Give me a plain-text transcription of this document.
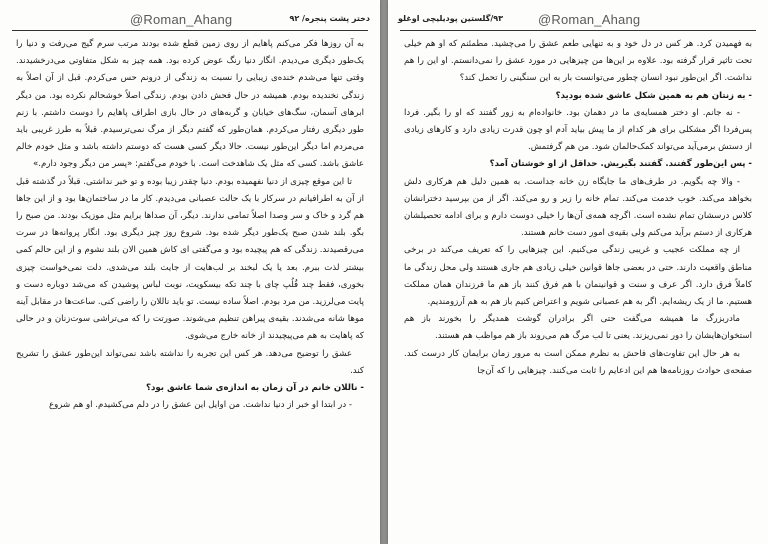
@Roman_Ahang	دختر پشت پنجره/ ۹۲

به آن روزها فکر می‌کنم پاهایم از روی زمین قطع شده بودند مرتب سرم گیج می‌رفت و دنیا را یک‌طور دیگری می‌دیدم. انگار دنیا رنگ عوض کرده بود. همه چیز به شکل متفاوتی می‌درخشیدند. وقتی تنها می‌شدم خنده‌ی زیبایی را نسبت به زندگی از درونم حس می‌کردم. قبل از آن اصلاً به زندگی نخندیده بودم. همیشه در حال فحش دادن بودم. زندگی اصلاً خوشحالم نکرده بود. من دیگر ابرهای آسمان، سگ‌های خیابان و گربه‌های در حال بازی اطراف پاهایم را دوست داشتم. با زنم طور دیگری رفتار می‌کردم. همان‌طور که گفتم دیگر از مرگ نمی‌ترسیدم. قبلاً به طرز غریبی باید می‌مردم اما دیگر این‌طور نیست. حالا دیگر کسی هست که دوستم داشته باشد و مثل خودم خالم عاشق باشد. کسی که مثل یک شاهدخت است. با خودم می‌گفتم: «پسر من دیگر وجود دارم.»

تا این موقع چیزی از دنیا نفهمیده بودم. دنیا چقدر زیبا بوده و تو خبر نداشتی. قبلاً در گذشته قبل از آن به اطرافیانم در سرکار با یک حالت عصبانی می‌دیدم. کار ما در ساختمان‌ها بود و از این جاها هم گرد و خاک و سر وصدا اصلاً تمامی ندارند. دیگر، آن صداها برایم مثل موزیک بودند. من صبح را بگو. بلند شدن صبح یک‌طور دیگر شده بود. شروع روز چیز دیگری بود. انگار پروانه‌ها در سرت می‌رقصیدند. زندگی که هم پیچیده بود و می‌گفتی ای کاش همین الان بلند نشوم و از این حالم کمی بیشتر لذت ببرم. بعد یا یک لبخند بر لب‌هایت از جایت بلند می‌شدی. دلت نمی‌خواست چیزی بخوری، فقط چند قُلُپ چای با چند تکه بیسکویت، نوبت لباس پوشیدن که می‌شد دوباره دست و پایت می‌لرزید. من مرد بودم. اصلاً ساده نیست. تو باید ناللان را راضی کنی. ساعت‌ها در مقابل آینه موها شانه می‌شدند. بقیه‌ی پیراهن تنظیم می‌شوند. صورتت را که می‌تراشی سوت‌زنان و در حالی که پاهایت به هم می‌پیچیدند از خانه خارج می‌شوی.

عشق را توضیح می‌دهد. هر کس این تجربه را نداشته باشد نمی‌تواند این‌طور عشق را تشریح کند.

- ناللان خانم در آن زمان به اندازه‌ی شما عاشق بود؟

- در ابتدا او خبر از دنیا نداشت. من اوایل این عشق را در دلم می‌کشیدم. او هم شروع

@Roman_Ahang
۹۳/گلستین پودیلیچی اوغلو

به فهمیدن کرد. هر کس در دل خود و به تنهایی طعم عشق را می‌چشید. مطمئنم که او هم خیلی تحت تاثیر قرار گرفته بود. علاوه بر این‌ها من چیزهایی در مورد عشق را نمی‌دانستم. او این را هم نداشت. اگر این‌طور نبود انسان چطور می‌توانست بار به این سنگینی را تحمل کند؟

- به زنتان هم به همین شکل عاشق شده بودید؟

- نه جانم. او دختر همسایه‌ی ما در دهمان بود. خانواده‌ام به زور گفتند که او را بگیر. فردا پس‌فردا اگر مشکلی برای هر کدام از ما پیش بیاید آدم او چون قدرت زیادی دارد و کارهای زیادی از دستش برمی‌آید می‌تواند کمک‌حالمان شود. من هم گرفتمش.

- پس این‌طور گفتند. گفتند بگیریش. حداقل از او خوشتان آمد؟

- والا چه بگویم. در طرف‌های ما جایگاه زن خانه جداست. به همین دلیل هم هرکاری دلش بخواهد می‌کند. خوب خدمت می‌کند. تمام خانه را زیر و رو می‌کند. اگر از من بپرسید دخترانشان کلاس درسشان تمام نشده است. اگرچه همه‌ی آن‌ها را خیلی دوست دارم و برای ادامه تحصیلشان هرکاری از دستم برآید می‌کنم ولی بقیه‌ی امور دست خانم هستند.

از چه مملکت عجیب و غریبی زندگی می‌کنیم. این چیزهایی را که تعریف می‌کند در برخی مناطق واقعیت دارند. حتی در بعضی جاها قوانین خیلی زیادی هم جاری هستند ولی محل زندگی ما کاملاً فرق دارد. اگر عرف و سنت و قوانینمان با هم فرق کنند باز هم ما فرزندان همان مملکت هستیم. ما از یک ریشه‌ایم. اگر به هم عصبانی شویم و اعتراض کنیم باز هم به هم آرزومندیم.

مادربزرگ ما همیشه می‌گفت حتی اگر برادران گوشت همدیگر را بخورند باز هم استخوان‌هایشان را دور نمی‌ریزند. یعنی تا لب مرگ هم می‌روند باز هم مواظب هم هستند.

به هر حال این تفاوت‌های فاحش به نظرم ممکن است به مرور زمان برایمان کار درست کند. صفحه‌ی حوادث روزنامه‌ها هم این ادعایم را ثابت می‌کنند. چیزهایی را که آن‌جا
